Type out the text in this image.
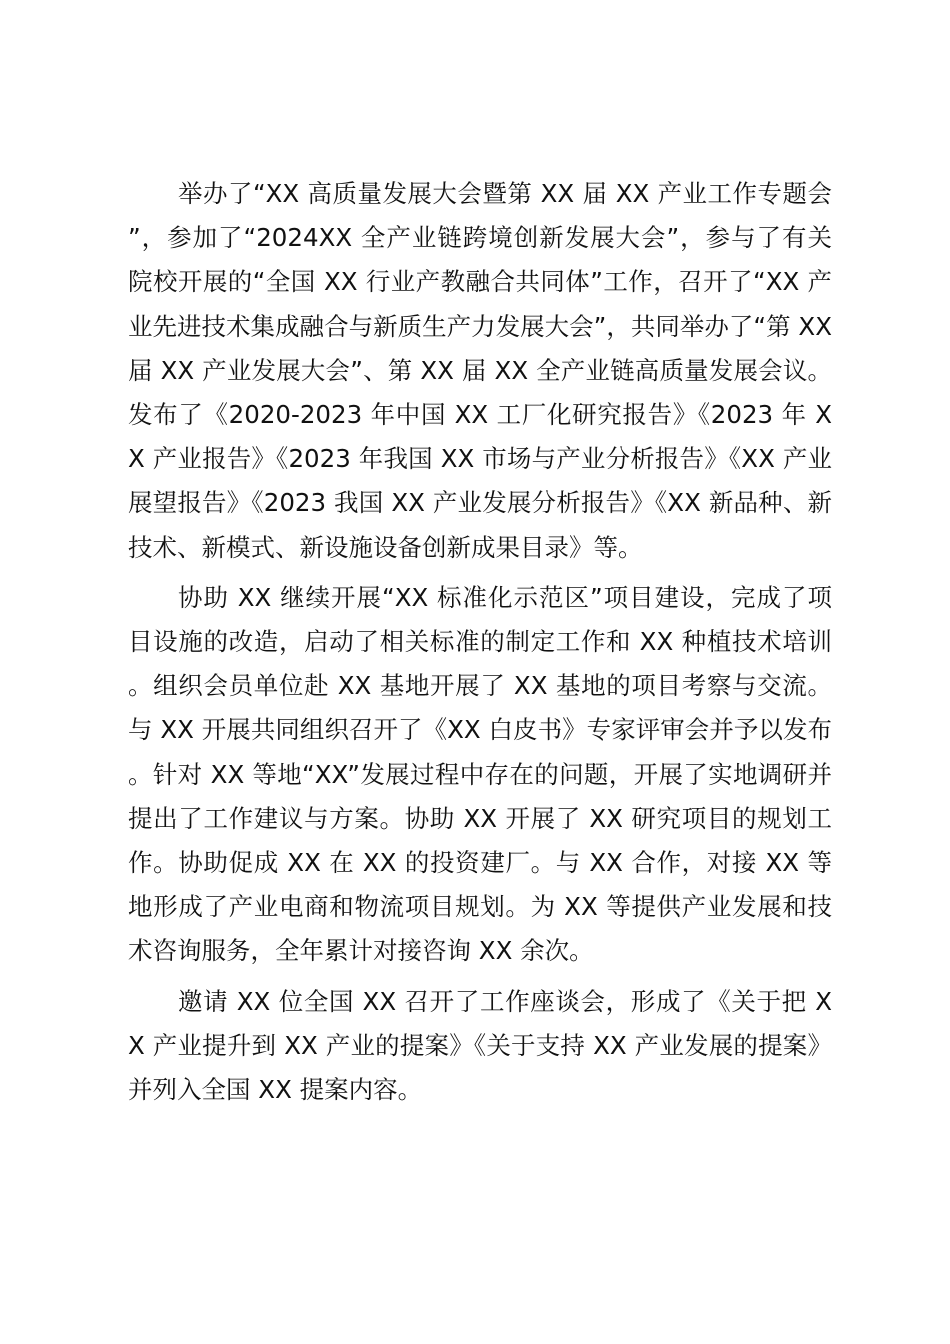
举办了“XX 高质量发展大会暨第 XX 届 XX 产业工作专题会”，参加了“2024XX 全产业链跨境创新发展大会”，参与了有关院校开展的“全国 XX 行业产教融合共同体”工作，召开了“XX 产业先进技术集成融合与新质生产力发展大会”，共同举办了“第 XX 届 XX 产业发展大会”、第 XX 届 XX 全产业链高质量发展会议。发布了《2020-2023 年中国 XX 工厂化研究报告》《2023 年 XX 产业报告》《2023 年我国 XX 市场与产业分析报告》《XX 产业展望报告》《2023 我国 XX 产业发展分析报告》《XX 新品种、新技术、新模式、新设施设备创新成果目录》等。

协助 XX 继续开展“XX 标准化示范区”项目建设，完成了项目设施的改造，启动了相关标准的制定工作和 XX 种植技术培训。组织会员单位赴 XX 基地开展了 XX 基地的项目考察与交流。与 XX 开展共同组织召开了《XX 白皮书》专家评审会并予以发布。针对 XX 等地“XX”发展过程中存在的问题，开展了实地调研并提出了工作建议与方案。协助 XX 开展了 XX 研究项目的规划工作。协助促成 XX 在 XX 的投资建厂。与 XX 合作，对接 XX 等地形成了产业电商和物流项目规划。为 XX 等提供产业发展和技术咨询服务，全年累计对接咨询 XX 余次。

邀请 XX 位全国 XX 召开了工作座谈会，形成了《关于把 XX 产业提升到 XX 产业的提案》《关于支持 XX 产业发展的提案》并列入全国 XX 提案内容。
